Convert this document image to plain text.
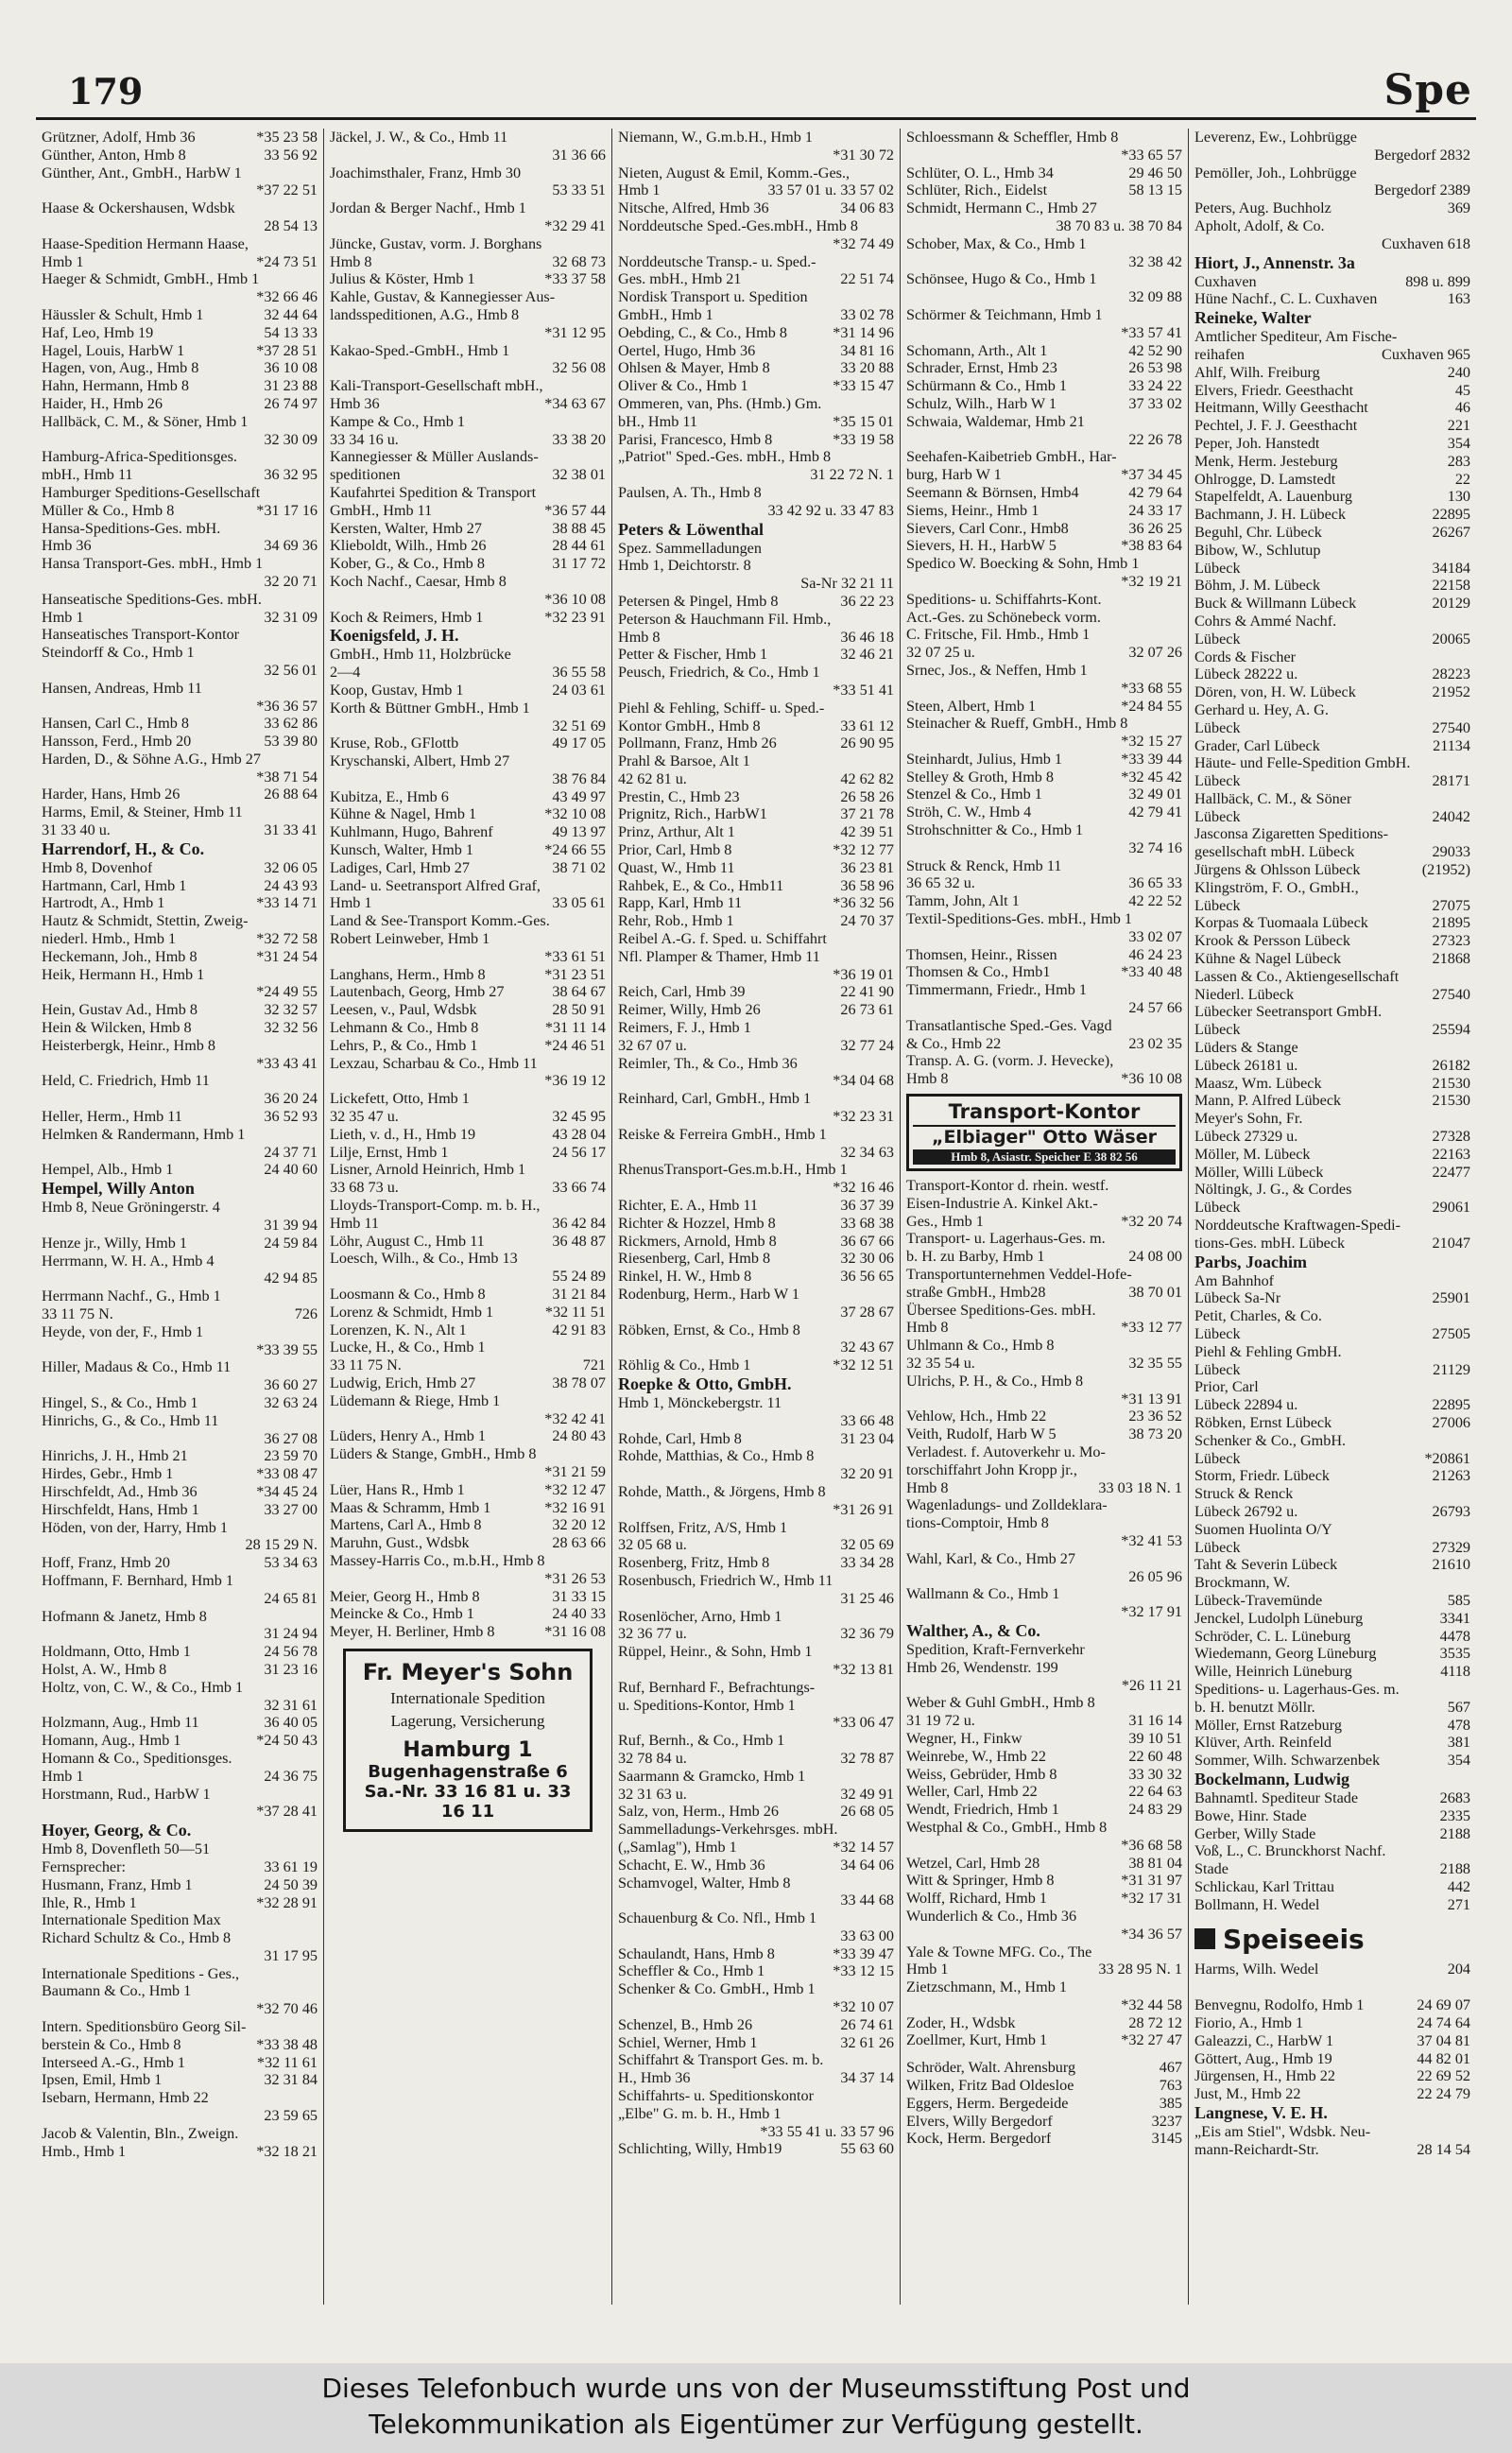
179	Spe
Grützner, Adolf, Hmb 36	*35 23 58
Günther, Anton, Hmb 8	33 56 92
Günther, Ant., GmbH., HarbW 1
*37 22 51
Haase & Ockershausen, Wdsbk
28 54 13
Haase-Spedition Hermann Haase,
Hmb 1	*24 73 51
Haeger & Schmidt, GmbH., Hmb 1
*32 66 46
Häussler & Schult, Hmb 1	32 44 64
Haf, Leo, Hmb 19	54 13 33
Hagel, Louis, HarbW 1	*37 28 51
Hagen, von, Aug., Hmb 8	36 10 08
Hahn, Hermann, Hmb 8	31 23 88
Haider, H., Hmb 26	26 74 97
Hallbäck, C. M., & Söner, Hmb 1
32 30 09
Hamburg-Africa-Speditionsges.
mbH., Hmb 11	36 32 95
Hamburger Speditions-Gesellschaft
Müller & Co., Hmb 8	*31 17 16
Hansa-Speditions-Ges. mbH.
Hmb 36	34 69 36
Hansa Transport-Ges. mbH., Hmb 1
32 20 71
Hanseatische Speditions-Ges. mbH.
Hmb 1	32 31 09
Hanseatisches Transport-Kontor
Steindorff & Co., Hmb 1
32 56 01
Hansen, Andreas, Hmb 11
*36 36 57
Hansen, Carl C., Hmb 8	33 62 86
Hansson, Ferd., Hmb 20	53 39 80
Harden, D., & Söhne A.G., Hmb 27
*38 71 54
Harder, Hans, Hmb 26	26 88 64
Harms, Emil, & Steiner, Hmb 11
31 33 40 u.	31 33 41
Harrendorf, H., & Co.
Hmb 8, Dovenhof	32 06 05
Hartmann, Carl, Hmb 1	24 43 93
Hartrodt, A., Hmb 1	*33 14 71
Hautz & Schmidt, Stettin, Zweig-
niederl. Hmb., Hmb 1	*32 72 58
Heckemann, Joh., Hmb 8	*31 24 54
Heik, Hermann H., Hmb 1
*24 49 55
Hein, Gustav Ad., Hmb 8	32 32 57
Hein & Wilcken, Hmb 8	32 32 56
Heisterbergk, Heinr., Hmb 8
*33 43 41
Held, C. Friedrich, Hmb 11
36 20 24
Heller, Herm., Hmb 11	36 52 93
Helmken & Randermann, Hmb 1
24 37 71
Hempel, Alb., Hmb 1	24 40 60
Hempel, Willy Anton
Hmb 8, Neue Gröningerstr. 4
31 39 94
Henze jr., Willy, Hmb 1	24 59 84
Herrmann, W. H. A., Hmb 4
42 94 85
Herrmann Nachf., G., Hmb 1
33 11 75 N.	726
Heyde, von der, F., Hmb 1
*33 39 55
Hiller, Madaus & Co., Hmb 11
36 60 27
Hingel, S., & Co., Hmb 1	32 63 24
Hinrichs, G., & Co., Hmb 11
36 27 08
Hinrichs, J. H., Hmb 21	23 59 70
Hirdes, Gebr., Hmb 1	*33 08 47
Hirschfeldt, Ad., Hmb 36	*34 45 24
Hirschfeldt, Hans, Hmb 1	33 27 00
Höden, von der, Harry, Hmb 1
28 15 29 N.
Hoff, Franz, Hmb 20	53 34 63
Hoffmann, F. Bernhard, Hmb 1
24 65 81
Hofmann & Janetz, Hmb 8
31 24 94
Holdmann, Otto, Hmb 1	24 56 78
Holst, A. W., Hmb 8	31 23 16
Holtz, von, C. W., & Co., Hmb 1
32 31 61
Holzmann, Aug., Hmb 11	36 40 05
Homann, Aug., Hmb 1	*24 50 43
Homann & Co., Speditionsges.
Hmb 1	24 36 75
Horstmann, Rud., HarbW 1
*37 28 41
Hoyer, Georg, & Co.
Hmb 8, Dovenfleth 50—51
Fernsprecher:	33 61 19
Husmann, Franz, Hmb 1	24 50 39
Ihle, R., Hmb 1	*32 28 91
Internationale Spedition Max
Richard Schultz & Co., Hmb 8
31 17 95
Internationale Speditions - Ges.,
Baumann & Co., Hmb 1
*32 70 46
Intern. Speditionsbüro Georg Sil-
berstein & Co., Hmb 8	*33 38 48
Interseed A.-G., Hmb 1	*32 11 61
Ipsen, Emil, Hmb 1	32 31 84
Isebarn, Hermann, Hmb 22
23 59 65
Jacob & Valentin, Bln., Zweign.
Hmb., Hmb 1	*32 18 21
Jäckel, J. W., & Co., Hmb 11
31 36 66
Joachimsthaler, Franz, Hmb 30
53 33 51
Jordan & Berger Nachf., Hmb 1
*32 29 41
Jüncke, Gustav, vorm. J. Borghans
Hmb 8	32 68 73
Julius & Köster, Hmb 1	*33 37 58
Kahle, Gustav, & Kannegiesser Aus-
landsspeditionen, A.G., Hmb 8
*31 12 95
Kakao-Sped.-GmbH., Hmb 1
32 56 08
Kali-Transport-Gesellschaft mbH.,
Hmb 36	*34 63 67
Kampe & Co., Hmb 1
33 34 16 u.	33 38 20
Kannegiesser & Müller Auslands-
speditionen	32 38 01
Kaufahrtei Spedition & Transport
GmbH., Hmb 11	*36 57 44
Kersten, Walter, Hmb 27	38 88 45
Klieboldt, Wilh., Hmb 26	28 44 61
Kober, G., & Co., Hmb 8	31 17 72
Koch Nachf., Caesar, Hmb 8
*36 10 08
Koch & Reimers, Hmb 1	*32 23 91
Koenigsfeld, J. H.
GmbH., Hmb 11, Holzbrücke
2—4	36 55 58
Koop, Gustav, Hmb 1	24 03 61
Korth & Büttner GmbH., Hmb 1
32 51 69
Kruse, Rob., GFlottb	49 17 05
Kryschanski, Albert, Hmb 27
38 76 84
Kubitza, E., Hmb 6	43 49 97
Kühne & Nagel, Hmb 1	*32 10 08
Kuhlmann, Hugo, Bahrenf	49 13 97
Kunsch, Walter, Hmb 1	*24 66 55
Ladiges, Carl, Hmb 27	38 71 02
Land- u. Seetransport Alfred Graf,
Hmb 1	33 05 61
Land & See-Transport Komm.-Ges.
Robert Leinweber, Hmb 1
*33 61 51
Langhans, Herm., Hmb 8	*31 23 51
Lautenbach, Georg, Hmb 27	38 64 67
Leesen, v., Paul, Wdsbk	28 50 91
Lehmann & Co., Hmb 8	*31 11 14
Lehrs, P., & Co., Hmb 1	*24 46 51
Lexzau, Scharbau & Co., Hmb 11
*36 19 12
Lickefett, Otto, Hmb 1
32 35 47 u.	32 45 95
Lieth, v. d., H., Hmb 19	43 28 04
Lilje, Ernst, Hmb 1	24 56 17
Lisner, Arnold Heinrich, Hmb 1
33 68 73 u.	33 66 74
Lloyds-Transport-Comp. m. b. H.,
Hmb 11	36 42 84
Löhr, August C., Hmb 11	36 48 87
Loesch, Wilh., & Co., Hmb 13
55 24 89
Loosmann & Co., Hmb 8	31 21 84
Lorenz & Schmidt, Hmb 1	*32 11 51
Lorenzen, K. N., Alt 1	42 91 83
Lucke, H., & Co., Hmb 1
33 11 75 N.	721
Ludwig, Erich, Hmb 27	38 78 07
Lüdemann & Riege, Hmb 1
*32 42 41
Lüders, Henry A., Hmb 1	24 80 43
Lüders & Stange, GmbH., Hmb 8
*31 21 59
Lüer, Hans R., Hmb 1	*32 12 47
Maas & Schramm, Hmb 1	*32 16 91
Martens, Carl A., Hmb 8	32 20 12
Maruhn, Gust., Wdsbk	28 63 66
Massey-Harris Co., m.b.H., Hmb 8
*31 26 53
Meier, Georg H., Hmb 8	31 33 15
Meincke & Co., Hmb 1	24 40 33
Meyer, H. Berliner, Hmb 8	*31 16 08
Fr. Meyer's Sohn
Internationale Spedition
Lagerung, Versicherung
Hamburg 1
Bugenhagenstraße 6
Sa.-Nr. 33 16 81 u. 33 16 11
Niemann, W., G.m.b.H., Hmb 1
*31 30 72
Nieten, August & Emil, Komm.-Ges.,
Hmb 1	33 57 01 u. 33 57 02
Nitsche, Alfred, Hmb 36	34 06 83
Norddeutsche Sped.-Ges.mbH., Hmb 8
*32 74 49
Norddeutsche Transp.- u. Sped.-
Ges. mbH., Hmb 21	22 51 74
Nordisk Transport u. Spedition
GmbH., Hmb 1	33 02 78
Oebding, C., & Co., Hmb 8	*31 14 96
Oertel, Hugo, Hmb 36	34 81 16
Ohlsen & Mayer, Hmb 8	33 20 88
Oliver & Co., Hmb 1	*33 15 47
Ommeren, van, Phs. (Hmb.) Gm.
bH., Hmb 11	*35 15 01
Parisi, Francesco, Hmb 8	*33 19 58
„Patriot" Sped.-Ges. mbH., Hmb 8
31 22 72 N. 1
Paulsen, A. Th., Hmb 8
33 42 92 u. 33 47 83
Peters & Löwenthal
Spez. Sammelladungen
Hmb 1, Deichtorstr. 8
Sa-Nr 32 21 11
Petersen & Pingel, Hmb 8	36 22 23
Peterson & Hauchmann Fil. Hmb.,
Hmb 8	36 46 18
Petter & Fischer, Hmb 1	32 46 21
Peusch, Friedrich, & Co., Hmb 1
*33 51 41
Piehl & Fehling, Schiff- u. Sped.-
Kontor GmbH., Hmb 8	33 61 12
Pollmann, Franz, Hmb 26	26 90 95
Prahl & Barsoe, Alt 1
42 62 81 u.	42 62 82
Prestin, C., Hmb 23	26 58 26
Prignitz, Rich., HarbW1	37 21 78
Prinz, Arthur, Alt 1	42 39 51
Prior, Carl, Hmb 8	*32 12 77
Quast, W., Hmb 11	36 23 81
Rahbek, E., & Co., Hmb11	36 58 96
Rapp, Karl, Hmb 11	*36 32 56
Rehr, Rob., Hmb 1	24 70 37
Reibel A.-G. f. Sped. u. Schiffahrt
Nfl. Plamper & Thamer, Hmb 11
*36 19 01
Reich, Carl, Hmb 39	22 41 90
Reimer, Willy, Hmb 26	26 73 61
Reimers, F. J., Hmb 1
32 67 07 u.	32 77 24
Reimler, Th., & Co., Hmb 36
*34 04 68
Reinhard, Carl, GmbH., Hmb 1
*32 23 31
Reiske & Ferreira GmbH., Hmb 1
32 34 63
RhenusTransport-Ges.m.b.H., Hmb 1
*32 16 46
Richter, E. A., Hmb 11	36 37 39
Richter & Hozzel, Hmb 8	33 68 38
Rickmers, Arnold, Hmb 8	36 67 66
Riesenberg, Carl, Hmb 8	32 30 06
Rinkel, H. W., Hmb 8	36 56 65
Rodenburg, Herm., Harb W 1
37 28 67
Röbken, Ernst, & Co., Hmb 8
32 43 67
Röhlig & Co., Hmb 1	*32 12 51
Roepke & Otto, GmbH.
Hmb 1, Mönckebergstr. 11
33 66 48
Rohde, Carl, Hmb 8	31 23 04
Rohde, Matthias, & Co., Hmb 8
32 20 91
Rohde, Matth., & Jörgens, Hmb 8
*31 26 91
Rolffsen, Fritz, A/S, Hmb 1
32 05 68 u.	32 05 69
Rosenberg, Fritz, Hmb 8	33 34 28
Rosenbusch, Friedrich W., Hmb 11
31 25 46
Rosenlöcher, Arno, Hmb 1
32 36 77 u.	32 36 79
Rüppel, Heinr., & Sohn, Hmb 1
*32 13 81
Ruf, Bernhard F., Befrachtungs-
u. Speditions-Kontor, Hmb 1
*33 06 47
Ruf, Bernh., & Co., Hmb 1
32 78 84 u.	32 78 87
Saarmann & Gramcko, Hmb 1
32 31 63 u.	32 49 91
Salz, von, Herm., Hmb 26	26 68 05
Sammelladungs-Verkehrsges. mbH.
(„Samlag"), Hmb 1	*32 14 57
Schacht, E. W., Hmb 36	34 64 06
Schamvogel, Walter, Hmb 8
33 44 68
Schauenburg & Co. Nfl., Hmb 1
33 63 00
Schaulandt, Hans, Hmb 8	*33 39 47
Scheffler & Co., Hmb 1	*33 12 15
Schenker & Co. GmbH., Hmb 1
*32 10 07
Schenzel, B., Hmb 26	26 74 61
Schiel, Werner, Hmb 1	32 61 26
Schiffahrt & Transport Ges. m. b.
H., Hmb 36	34 37 14
Schiffahrts- u. Speditionskontor
„Elbe" G. m. b. H., Hmb 1
*33 55 41 u. 33 57 96
Schlichting, Willy, Hmb19	55 63 60
Schloessmann & Scheffler, Hmb 8
*33 65 57
Schlüter, O. L., Hmb 34	29 46 50
Schlüter, Rich., Eidelst	58 13 15
Schmidt, Hermann C., Hmb 27
38 70 83 u. 38 70 84
Schober, Max, & Co., Hmb 1
32 38 42
Schönsee, Hugo & Co., Hmb 1
32 09 88
Schörmer & Teichmann, Hmb 1
*33 57 41
Schomann, Arth., Alt 1	42 52 90
Schrader, Ernst, Hmb 23	26 53 98
Schürmann & Co., Hmb 1	33 24 22
Schulz, Wilh., Harb W 1	37 33 02
Schwaia, Waldemar, Hmb 21
22 26 78
Seehafen-Kaibetrieb GmbH., Har-
burg, Harb W 1	*37 34 45
Seemann & Börnsen, Hmb4	42 79 64
Siems, Heinr., Hmb 1	24 33 17
Sievers, Carl Conr., Hmb8	36 26 25
Sievers, H. H., HarbW 5	*38 83 64
Spedico W. Boecking & Sohn, Hmb 1
*32 19 21
Speditions- u. Schiffahrts-Kont.
Act.-Ges. zu Schönebeck vorm.
C. Fritsche, Fil. Hmb., Hmb 1
32 07 25 u.	32 07 26
Srnec, Jos., & Neffen, Hmb 1
*33 68 55
Steen, Albert, Hmb 1	*24 84 55
Steinacher & Rueff, GmbH., Hmb 8
*32 15 27
Steinhardt, Julius, Hmb 1	*33 39 44
Stelley & Groth, Hmb 8	*32 45 42
Stenzel & Co., Hmb 1	32 49 01
Ströh, C. W., Hmb 4	42 79 41
Strohschnitter & Co., Hmb 1
32 74 16
Struck & Renck, Hmb 11
36 65 32 u.	36 65 33
Tamm, John, Alt 1	42 22 52
Textil-Speditions-Ges. mbH., Hmb 1
33 02 07
Thomsen, Heinr., Rissen	46 24 23
Thomsen & Co., Hmb1	*33 40 48
Timmermann, Friedr., Hmb 1
24 57 66
Transatlantische Sped.-Ges. Vagd
& Co., Hmb 22	23 02 35
Transp. A. G. (vorm. J. Hevecke),
Hmb 8	*36 10 08
Transport-Kontor
„Elbiager" Otto Wäser
Hmb 8, Asiastr. Speicher E 38 82 56
Transport-Kontor d. rhein. westf.
Eisen-Industrie A. Kinkel Akt.-
Ges., Hmb 1	*32 20 74
Transport- u. Lagerhaus-Ges. m.
b. H. zu Barby, Hmb 1	24 08 00
Transportunternehmen Veddel-Hofe-
straße GmbH., Hmb28	38 70 01
Übersee Speditions-Ges. mbH.
Hmb 8	*33 12 77
Uhlmann & Co., Hmb 8
32 35 54 u.	32 35 55
Ulrichs, P. H., & Co., Hmb 8
*31 13 91
Vehlow, Hch., Hmb 22	23 36 52
Veith, Rudolf, Harb W 5	38 73 20
Verladest. f. Autoverkehr u. Mo-
torschiffahrt John Kropp jr.,
Hmb 8	33 03 18 N. 1
Wagenladungs- und Zolldeklara-
tions-Comptoir, Hmb 8
*32 41 53
Wahl, Karl, & Co., Hmb 27
26 05 96
Wallmann & Co., Hmb 1
*32 17 91
Walther, A., & Co.
Spedition, Kraft-Fernverkehr
Hmb 26, Wendenstr. 199
*26 11 21
Weber & Guhl GmbH., Hmb 8
31 19 72 u.	31 16 14
Wegner, H., Finkw	39 10 51
Weinrebe, W., Hmb 22	22 60 48
Weiss, Gebrüder, Hmb 8	33 30 32
Weller, Carl, Hmb 22	22 64 63
Wendt, Friedrich, Hmb 1	24 83 29
Westphal & Co., GmbH., Hmb 8
*36 68 58
Wetzel, Carl, Hmb 28	38 81 04
Witt & Springer, Hmb 8	*31 31 97
Wolff, Richard, Hmb 1	*32 17 31
Wunderlich & Co., Hmb 36
*34 36 57
Yale & Towne MFG. Co., The
Hmb 1	33 28 95 N. 1
Zietzschmann, M., Hmb 1
*32 44 58
Zoder, H., Wdsbk	28 72 12
Zoellmer, Kurt, Hmb 1	*32 27 47
Schröder, Walt. Ahrensburg	467
Wilken, Fritz Bad Oldesloe	763
Eggers, Herm. Bergedeide	385
Elvers, Willy Bergedorf	3237
Kock, Herm. Bergedorf	3145
Leverenz, Ew., Lohbrügge
Bergedorf 2832
Pemöller, Joh., Lohbrügge
Bergedorf 2389
Peters, Aug. Buchholz	369
Apholt, Adolf, & Co.
Cuxhaven 618
Hiort, J., Annenstr. 3a
Cuxhaven	898 u. 899
Hüne Nachf., C. L. Cuxhaven	163
Reineke, Walter
Amtlicher Spediteur, Am Fische-
reihafen	Cuxhaven 965
Ahlf, Wilh. Freiburg	240
Elvers, Friedr. Geesthacht	45
Heitmann, Willy Geesthacht	46
Pechtel, J. F. J. Geesthacht	221
Peper, Joh. Hanstedt	354
Menk, Herm. Jesteburg	283
Ohlrogge, D. Lamstedt	22
Stapelfeldt, A. Lauenburg	130
Bachmann, J. H. Lübeck	22895
Beguhl, Chr. Lübeck	26267
Bibow, W., Schlutup
Lübeck	34184
Böhm, J. M. Lübeck	22158
Buck & Willmann Lübeck	20129
Cohrs & Ammé Nachf.
Lübeck	20065
Cords & Fischer
Lübeck 28222 u.	28223
Dören, von, H. W. Lübeck	21952
Gerhard u. Hey, A. G.
Lübeck	27540
Grader, Carl Lübeck	21134
Häute- und Felle-Spedition GmbH.
Lübeck	28171
Hallbäck, C. M., & Söner
Lübeck	24042
Jasconsa Zigaretten Speditions-
gesellschaft mbH. Lübeck	29033
Jürgens & Ohlsson Lübeck	(21952)
Klingström, F. O., GmbH.,
Lübeck	27075
Korpas & Tuomaala Lübeck	21895
Krook & Persson Lübeck	27323
Kühne & Nagel Lübeck	21868
Lassen & Co., Aktiengesellschaft
Niederl. Lübeck	27540
Lübecker Seetransport GmbH.
Lübeck	25594
Lüders & Stange
Lübeck 26181 u.	26182
Maasz, Wm. Lübeck	21530
Mann, P. Alfred Lübeck	21530
Meyer's Sohn, Fr.
Lübeck 27329 u.	27328
Möller, M. Lübeck	22163
Möller, Willi Lübeck	22477
Nöltingk, J. G., & Cordes
Lübeck	29061
Norddeutsche Kraftwagen-Spedi-
tions-Ges. mbH. Lübeck	21047
Parbs, Joachim
Am Bahnhof
Lübeck Sa-Nr	25901
Petit, Charles, & Co.
Lübeck	27505
Piehl & Fehling GmbH.
Lübeck	21129
Prior, Carl
Lübeck 22894 u.	22895
Röbken, Ernst Lübeck	27006
Schenker & Co., GmbH.
Lübeck	*20861
Storm, Friedr. Lübeck	21263
Struck & Renck
Lübeck 26792 u.	26793
Suomen Huolinta O/Y
Lübeck	27329
Taht & Severin Lübeck	21610
Brockmann, W.
Lübeck-Travemünde	585
Jenckel, Ludolph Lüneburg	3341
Schröder, C. L. Lüneburg	4478
Wiedemann, Georg Lüneburg	3535
Wille, Heinrich Lüneburg	4118
Speditions- u. Lagerhaus-Ges. m.
b. H. benutzt Möllr.	567
Möller, Ernst Ratzeburg	478
Klüver, Arth. Reinfeld	381
Sommer, Wilh. Schwarzenbek	354
Bockelmann, Ludwig
Bahnamtl. Spediteur Stade	2683
Bowe, Hinr. Stade	2335
Gerber, Willy Stade	2188
Voß, L., C. Brunckhorst Nachf.
Stade	2188
Schlickau, Karl Trittau	442
Bollmann, H. Wedel	271
Speiseeis
Harms, Wilh. Wedel	204
Benvegnu, Rodolfo, Hmb 1	24 69 07
Fiorio, A., Hmb 1	24 74 64
Galeazzi, C., HarbW 1	37 04 81
Göttert, Aug., Hmb 19	44 82 01
Jürgensen, H., Hmb 22	22 69 52
Just, M., Hmb 22	22 24 79
Langnese, V. E. H.
„Eis am Stiel", Wdsbk. Neu-
mann-Reichardt-Str.	28 14 54
Dieses Telefonbuch wurde uns von der Museumsstiftung Post und
Telekommunikation als Eigentümer zur Verfügung gestellt.
